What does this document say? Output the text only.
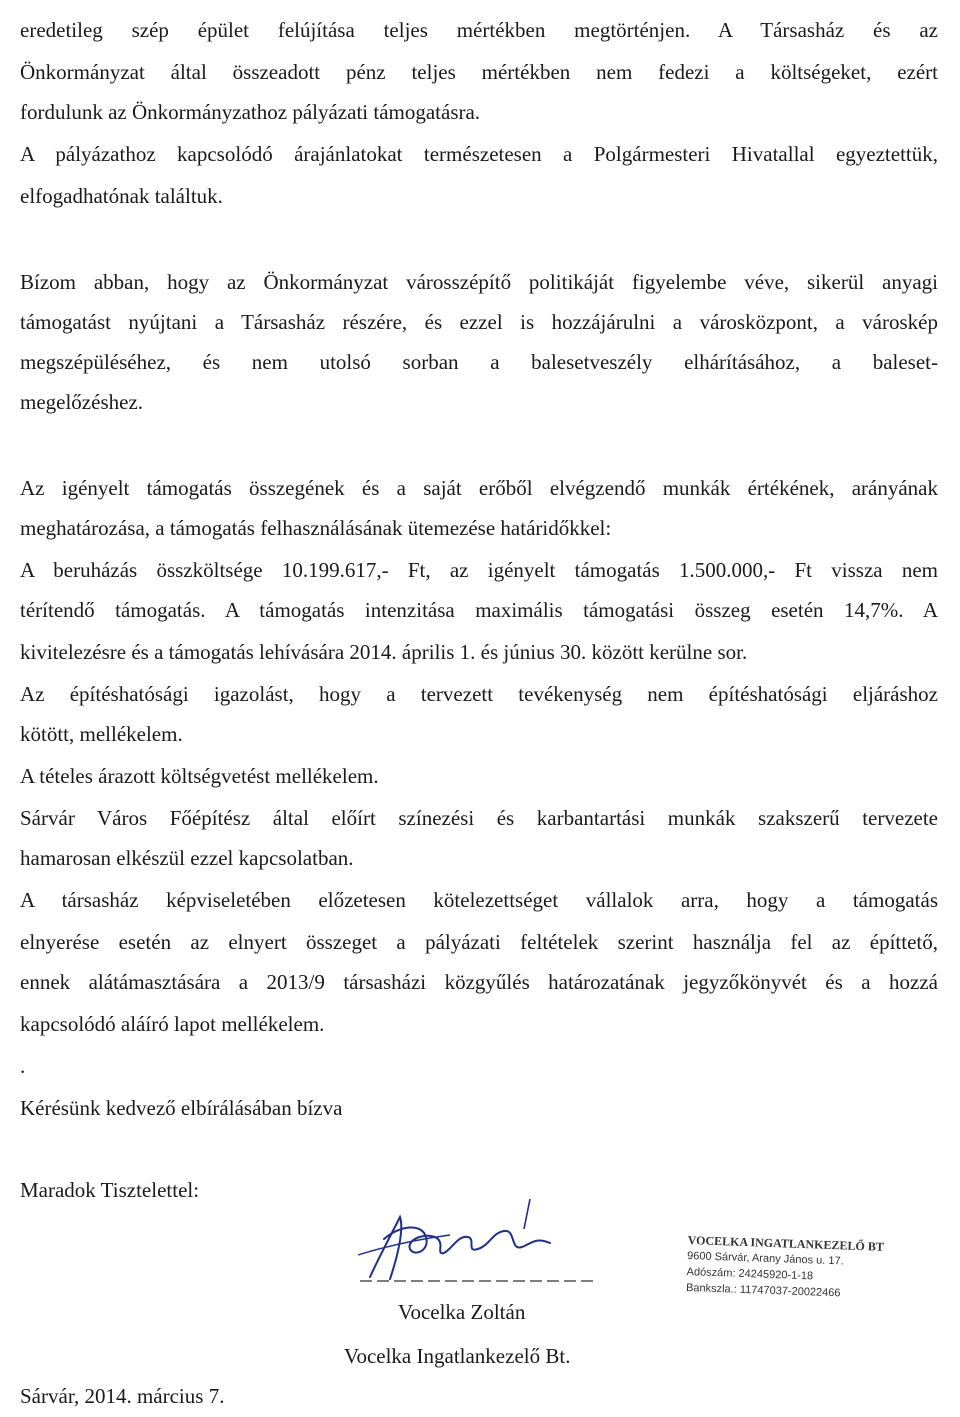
eredetileg szép épület felújítása teljes mértékben megtörténjen. A Társasház és az
Önkormányzat által összeadott pénz teljes mértékben nem fedezi a költségeket, ezért
fordulunk az Önkormányzathoz pályázati támogatásra.
A pályázathoz kapcsolódó árajánlatokat természetesen a Polgármesteri Hivatallal egyeztettük,
elfogadhatónak találtuk.
Bízom abban, hogy az Önkormányzat városszépítő politikáját figyelembe véve, sikerül anyagi
támogatást nyújtani a Társasház részére, és ezzel is hozzájárulni a városközpont, a városkép
megszépüléséhez, és nem utolsó sorban a balesetveszély elhárításához, a baleset-
megelőzéshez.
Az igényelt támogatás összegének és a saját erőből elvégzendő munkák értékének, arányának
meghatározása, a támogatás felhasználásának ütemezése határidőkkel:
A beruházás összköltsége 10.199.617,- Ft, az igényelt támogatás 1.500.000,- Ft vissza nem
térítendő támogatás. A támogatás intenzitása maximális támogatási összeg esetén 14,7%. A
kivitelezésre és a támogatás lehívására 2014. április 1. és június 30. között kerülne sor.
Az építéshatósági igazolást, hogy a tervezett tevékenység nem építéshatósági eljáráshoz
kötött, mellékelem.
A tételes árazott költségvetést mellékelem.
Sárvár Város Főépítész által előírt színezési és karbantartási munkák szakszerű tervezete
hamarosan elkészül ezzel kapcsolatban.
A társasház képviseletében előzetesen kötelezettséget vállalok arra, hogy a támogatás
elnyerése esetén az elnyert összeget a pályázati feltételek szerint használja fel az építtető,
ennek alátámasztására a 2013/9 társasházi közgyűlés határozatának jegyzőkönyvét és a hozzá
kapcsolódó aláíró lapot mellékelem.
.
Kérésünk kedvező elbírálásában bízva
Maradok Tisztelettel:
Vocelka Zoltán
Vocelka Ingatlankezelő Bt.
VOCELKA INGATLANKEZELŐ BT
9600 Sárvár, Arany János u. 17.
Adószám: 24245920-1-18
Bankszla.: 11747037-20022466
Sárvár, 2014. március 7.
